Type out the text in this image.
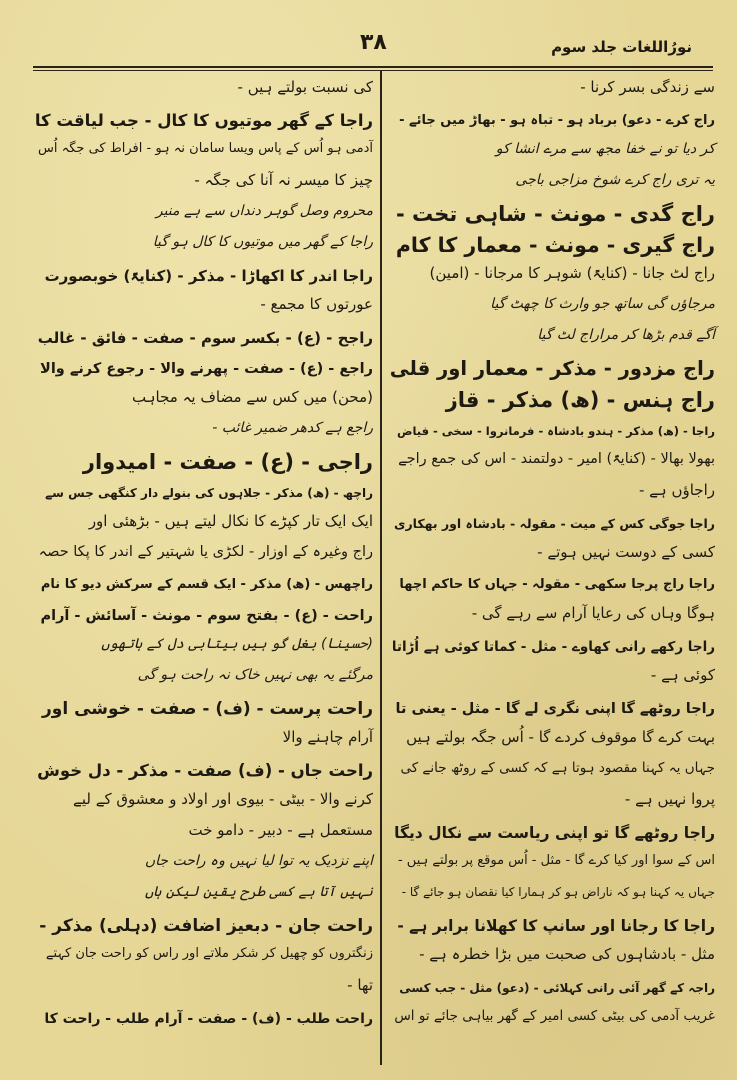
نورُاللغات جلد سوم
۳۸
سے زندگی بسر کرنا -
راج کرے - دعو) برباد ہو - تباہ ہو - بھاڑ میں جائے -
کر دیا تو نے خفا مجھ سے مرے انشا کو
یہ تری راج کرے شوخ مزاجی باجی
راج گدی - مونث - شاہی تخت -
راج گیری - مونث - معمار کا کام
راج لٹ جانا - (کنایۃً) شوہر کا مرجانا - (امین)
مرجاؤں گی ساتھ جو وارث کا چھٹ گیا
آگے قدم بڑھا کر مراراج لٹ گیا
راج مزدور - مذکر - معمار اور قلی
راج ہنس - (ھ) مذکر - قاز
راجا - (ھ) مذکر - ہندو بادشاہ - فرمانروا - سخی - فیاض
بھولا بھالا - (کنایۃً) امیر - دولتمند - اس کی جمع راجے
راجاؤں ہے -
راجا جوگی کس کے میت - مقولہ - بادشاہ اور بھکاری
کسی کے دوست نہیں ہوتے -
راجا راج پرجا سکھی - مقولہ - جہاں کا حاکم اچھا
ہوگا وہاں کی رعایا آرام سے رہے گی -
راجا رکھے رانی کھاوے - مثل - کماتا کوئی ہے اُڑاتا
کوئی ہے -
راجا روٹھے گا اپنی نگری لے گا - مثل - یعنی تا
بہت کرے گا موقوف کردے گا - اُس جگہ بولتے ہیں
جہاں یہ کہنا مقصود ہوتا ہے کہ کسی کے روٹھ جانے کی
پروا نہیں ہے -
راجا روٹھے گا تو اپنی ریاست سے نکال دیگا
اس کے سوا اور کیا کرے گا - مثل - اُس موقع پر بولتے ہیں -
جہاں یہ کہنا ہو کہ ناراض ہو کر ہمارا کیا نقصان ہو جائے گا -
راجا کا رجانا اور سانپ کا کھلانا برابر ہے -
مثل - بادشاہوں کی صحبت میں بڑا خطرہ ہے -
راجہ کے گھر آئی رانی کہلائی - (دعو) مثل - جب کسی
غریب آدمی کی بیٹی کسی امیر کے گھر بیاہی جائے تو اس
کی نسبت بولتے ہیں -
راجا کے گھر موتیوں کا کال - جب لیاقت کا
آدمی ہو اُس کے پاس ویسا سامان نہ ہو - افراط کی جگہ اُس
چیز کا میسر نہ آنا کی جگہ -
محروم وصل گوہر دنداں سے ہے منیر
راجا کے گھر میں موتیوں کا کال ہو گیا
راجا اندر کا اکھاڑا - مذکر - (کنایۃً) خوبصورت
عورتوں کا مجمع -
راجح - (ع) - بکسر سوم - صفت - فائق - غالب
راجع - (ع) - صفت - پھرنے والا - رجوع کرنے والا
(محن) میں کس سے مضاف یہ مجاہب
راجع ہے کدھر ضمیر غائب -
راجی - (ع) - صفت - امیدوار
راچھ - (ھ) مذکر - جلاہوں کی بنولے دار کنگھی جس سے
ایک ایک تار کپڑے کا نکال لیتے ہیں - بڑھئی اور
راج وغیرہ کے اوزار - لکڑی یا شہتیر کے اندر کا پکا حصہ
راچھس - (ھ) مذکر - ایک قسم کے سرکش دیو کا نام
راحت - (ع) - بفتح سوم - مونث - آسائش - آرام
(حسینا) بغل گو ہیں بیتابی دل کے ہاتھوں
مرگئے یہ بھی نہیں خاک نہ راحت ہو گی
راحت پرست - (ف) - صفت - خوشی اور
آرام چاہنے والا
راحت جاں - (ف) صفت - مذکر - دل خوش
کرنے والا - بیٹی - بیوی اور اولاد و معشوق کے لیے
مستعمل ہے - دبیر - دامو خت
اپنے نزدیک یہ توا لیا نہیں وہ راحت جاں
نہیں آتا ہے کسی طرح یقین لیکن ہاں
راحت جان - دبعیز اضافت (دہلی) مذکر -
زنگتروں کو چھیل کر شکر ملاتے اور راس کو راحت جان کہتے
تھا -
راحت طلب - (ف) - صفت - آرام طلب - راحت کا
